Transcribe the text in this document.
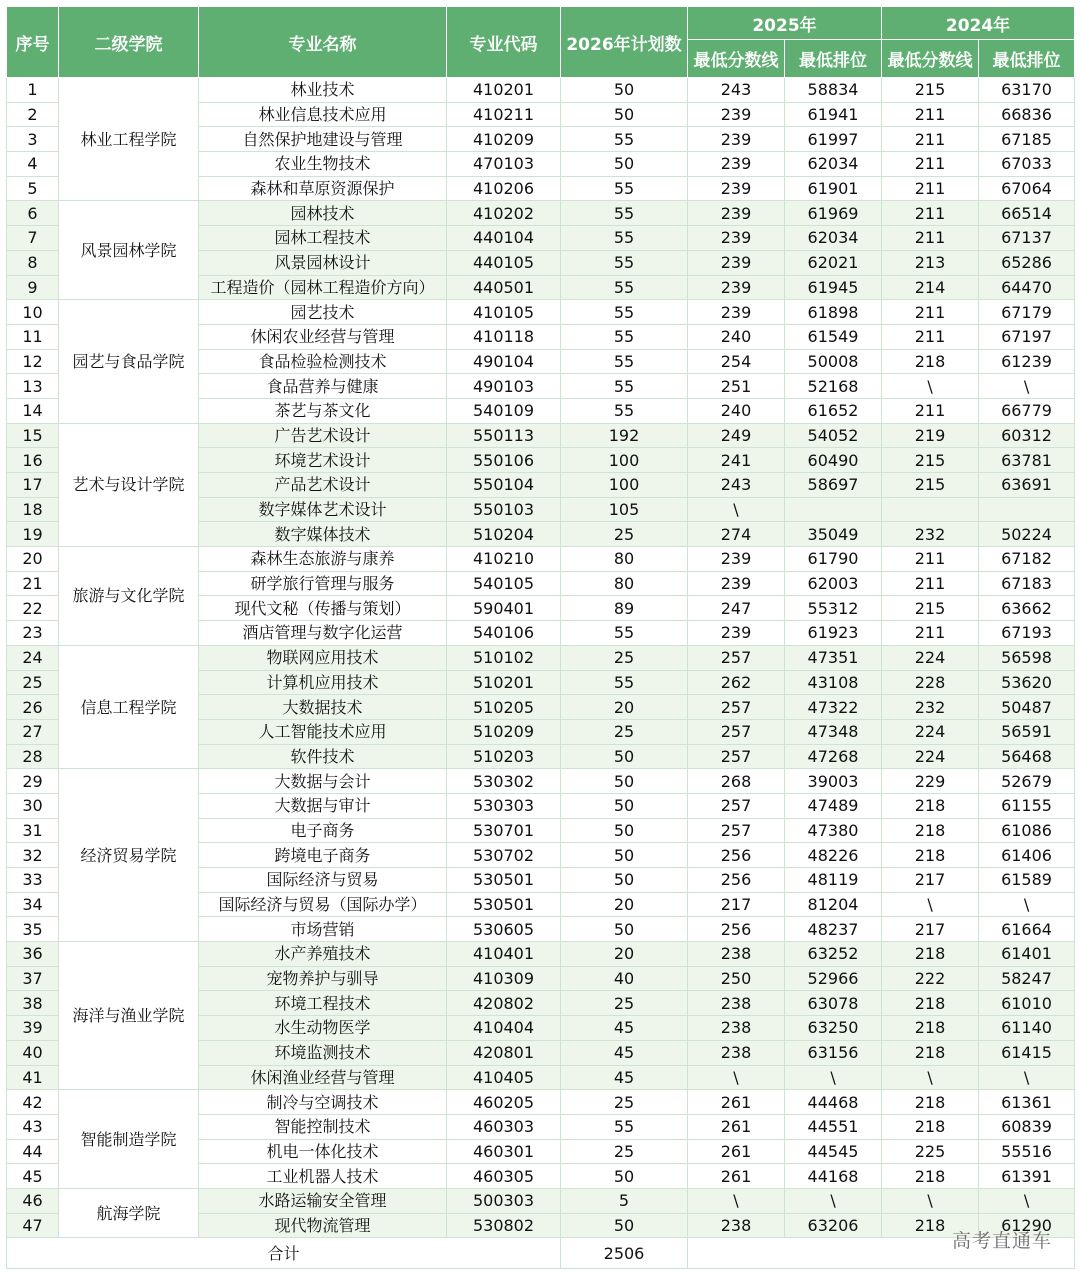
序号	二级学院	专业名称	专业代码	2026年计划数	2025年		2024年	
					最低分数线	最低排位	最低分数线	最低排位
1	林业工程学院	林业技术	410201	50	243	58834	215	63170
2		林业信息技术应用	410211	50	239	61941	211	66836
3		自然保护地建设与管理	410209	55	239	61997	211	67185
4		农业生物技术	470103	50	239	62034	211	67033
5		森林和草原资源保护	410206	55	239	61901	211	67064
6	风景园林学院	园林技术	410202	55	239	61969	211	66514
7		园林工程技术	440104	55	239	62034	211	67137
8		风景园林设计	440105	55	239	62021	213	65286
9		工程造价（园林工程造价方向）	440501	55	239	61945	214	64470
10	园艺与食品学院	园艺技术	410105	55	239	61898	211	67179
11		休闲农业经营与管理	410118	55	240	61549	211	67197
12		食品检验检测技术	490104	55	254	50008	218	61239
13		食品营养与健康	490103	55	251	52168	\	\
14		茶艺与茶文化	540109	55	240	61652	211	66779
15	艺术与设计学院	广告艺术设计	550113	192	249	54052	219	60312
16		环境艺术设计	550106	100	241	60490	215	63781
17		产品艺术设计	550104	100	243	58697	215	63691
18		数字媒体艺术设计	550103	105	\			
19		数字媒体技术	510204	25	274	35049	232	50224
20	旅游与文化学院	森林生态旅游与康养	410210	80	239	61790	211	67182
21		研学旅行管理与服务	540105	80	239	62003	211	67183
22		现代文秘（传播与策划）	590401	89	247	55312	215	63662
23		酒店管理与数字化运营	540106	55	239	61923	211	67193
24	信息工程学院	物联网应用技术	510102	25	257	47351	224	56598
25		计算机应用技术	510201	55	262	43108	228	53620
26		大数据技术	510205	20	257	47322	232	50487
27		人工智能技术应用	510209	25	257	47348	224	56591
28		软件技术	510203	50	257	47268	224	56468
29	经济贸易学院	大数据与会计	530302	50	268	39003	229	52679
30		大数据与审计	530303	50	257	47489	218	61155
31		电子商务	530701	50	257	47380	218	61086
32		跨境电子商务	530702	50	256	48226	218	61406
33		国际经济与贸易	530501	50	256	48119	217	61589
34		国际经济与贸易（国际办学）	530501	20	217	81204	\	\
35		市场营销	530605	50	256	48237	217	61664
36	海洋与渔业学院	水产养殖技术	410401	20	238	63252	218	61401
37		宠物养护与驯导	410309	40	250	52966	222	58247
38		环境工程技术	420802	25	238	63078	218	61010
39		水生动物医学	410404	45	238	63250	218	61140
40		环境监测技术	420801	45	238	63156	218	61415
41		休闲渔业经营与管理	410405	45	\	\	\	\
42	智能制造学院	制冷与空调技术	460205	25	261	44468	218	61361
43		智能控制技术	460303	55	261	44551	218	60839
44		机电一体化技术	460301	25	261	44545	225	55516
45		工业机器人技术	460305	50	261	44168	218	61391
46	航海学院	水路运输安全管理	500303	5	\	\	\	\
47		现代物流管理	530802	50	238	63206	218	61290
合计				2506				
高考直通车
